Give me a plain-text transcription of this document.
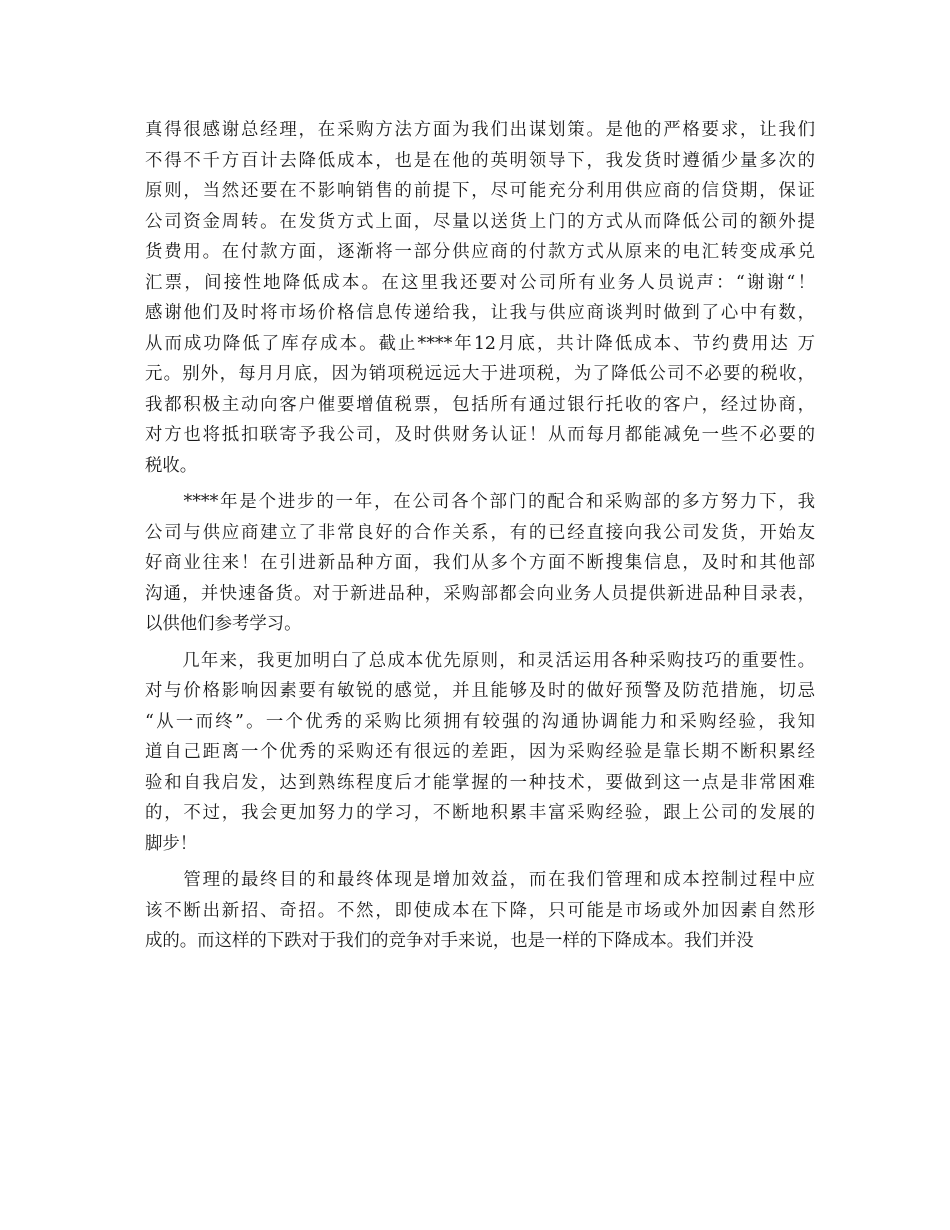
真得很感谢总经理，在采购方法方面为我们出谋划策。是他的严格要求，让我们
不得不千方百计去降低成本，也是在他的英明领导下，我发货时遵循少量多次的
原则，当然还要在不影响销售的前提下，尽可能充分利用供应商的信贷期，保证
公司资金周转。在发货方式上面，尽量以送货上门的方式从而降低公司的额外提
货费用。在付款方面，逐渐将一部分供应商的付款方式从原来的电汇转变成承兑
汇票，间接性地降低成本。在这里我还要对公司所有业务人员说声：“谢谢“！
感谢他们及时将市场价格信息传递给我，让我与供应商谈判时做到了心中有数，
从而成功降低了库存成本。截止****年12月底，共计降低成本、节约费用达 万
元。别外，每月月底，因为销项税远远大于进项税，为了降低公司不必要的税收，
我都积极主动向客户催要增值税票，包括所有通过银行托收的客户，经过协商，
对方也将抵扣联寄予我公司，及时供财务认证！从而每月都能减免一些不必要的
税收。
　　****年是个进步的一年，在公司各个部门的配合和采购部的多方努力下，我
公司与供应商建立了非常良好的合作关系，有的已经直接向我公司发货，开始友
好商业往来！在引进新品种方面，我们从多个方面不断搜集信息，及时和其他部
沟通，并快速备货。对于新进品种，采购部都会向业务人员提供新进品种目录表，
以供他们参考学习。
　　几年来，我更加明白了总成本优先原则，和灵活运用各种采购技巧的重要性。
对与价格影响因素要有敏锐的感觉，并且能够及时的做好预警及防范措施，切忌
“从一而终”。一个优秀的采购比须拥有较强的沟通协调能力和采购经验，我知
道自己距离一个优秀的采购还有很远的差距，因为采购经验是靠长期不断积累经
验和自我启发，达到熟练程度后才能掌握的一种技术，要做到这一点是非常困难
的，不过，我会更加努力的学习，不断地积累丰富采购经验，跟上公司的发展的
脚步！
　　管理的最终目的和最终体现是增加效益，而在我们管理和成本控制过程中应
该不断出新招、奇招。不然，即使成本在下降，只可能是市场或外加因素自然形
成的。而这样的下跌对于我们的竞争对手来说，也是一样的下降成本。我们并没
